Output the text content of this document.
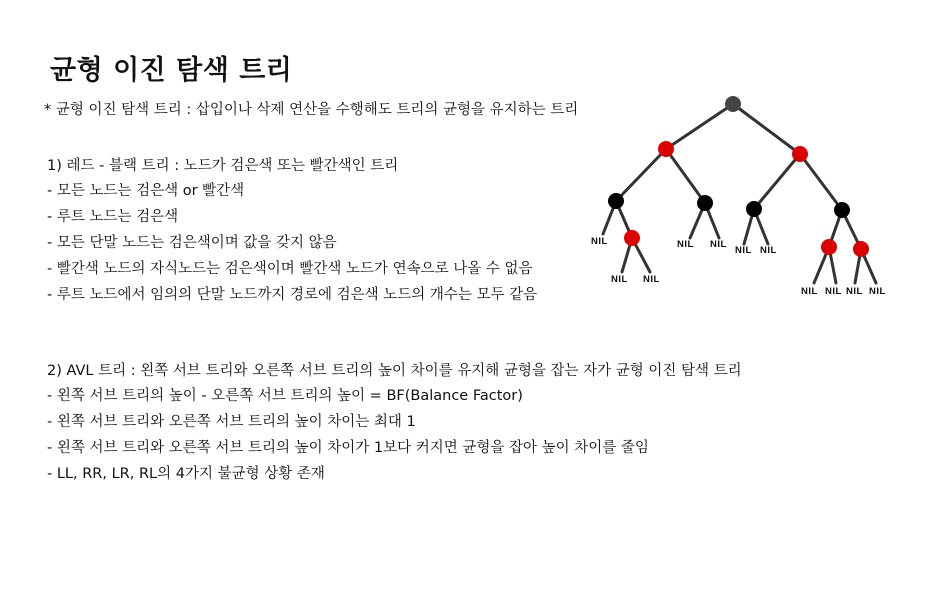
균형 이진 탐색 트리
* 균형 이진 탐색 트리 : 삽입이나 삭제 연산을 수행해도 트리의 균형을 유지하는 트리
1) 레드 - 블랙 트리 : 노드가 검은색 또는 빨간색인 트리
- 모든 노드는 검은색 or 빨간색
- 루트 노드는 검은색
- 모든 단말 노드는 검은색이며 값을 갖지 않음
- 빨간색 노드의 자식노드는 검은색이며 빨간색 노드가 연속으로 나올 수 없음
- 루트 노드에서 임의의 단말 노드까지 경로에 검은색 노드의 개수는 모두 같음
2) AVL 트리 : 왼쪽 서브 트리와 오른쪽 서브 트리의 높이 차이를 유지해 균형을 잡는 자가 균형 이진 탐색 트리
- 왼쪽 서브 트리의 높이 - 오른쪽 서브 트리의 높이 = BF(Balance Factor)
- 왼쪽 서브 트리와 오른쪽 서브 트리의 높이 차이는 최대 1
- 왼쪽 서브 트리와 오른쪽 서브 트리의 높이 차이가 1보다 커지면 균형을 잡아 높이 차이를 줄임
- LL, RR, LR, RL의 4가지 불균형 상황 존재
NIL
NIL NIL
NIL NIL
NIL NIL
NIL NIL NIL NIL
